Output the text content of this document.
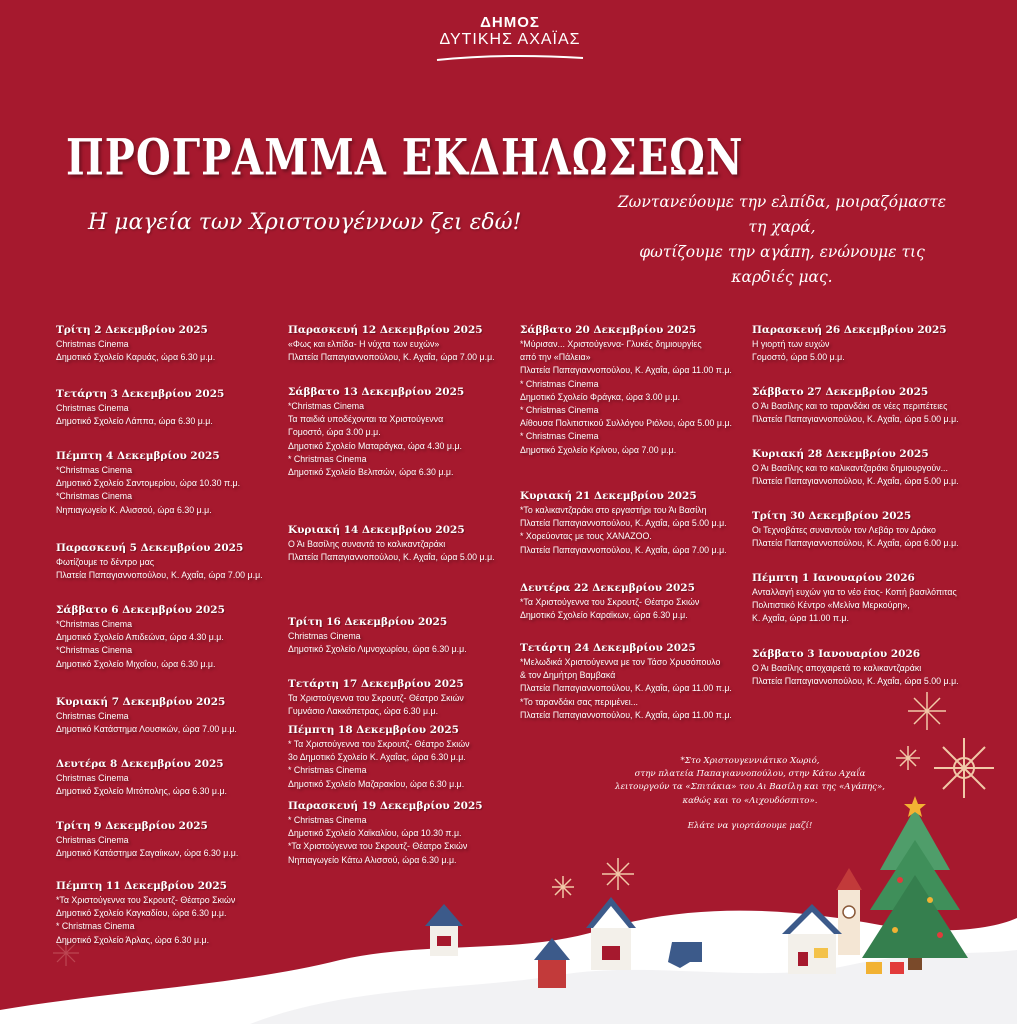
ΔΗΜΟΣ
ΔΥΤΙΚΗΣ ΑΧΑΪΑΣ
ΠΡΟΓΡΑΜΜΑ ΕΚΔΗΛΩΣΕΩΝ
Η μαγεία των Χριστουγέννων ζει εδώ!
Ζωντανεύουμε την ελπίδα, μοιραζόμαστε τη χαρά,
φωτίζουμε την αγάπη, ενώνουμε τις καρδιές μας.
Τρίτη 2 Δεκεμβρίου 2025
Christmas Cinema
Δημοτικό Σχολείο Καρυάς, ώρα 6.30 μ.μ.
Τετάρτη 3 Δεκεμβρίου 2025
Christmas Cinema
Δημοτικό Σχολείο Λάππα, ώρα 6.30 μ.μ.
Πέμπτη 4 Δεκεμβρίου 2025
*Christmas Cinema
Δημοτικό Σχολείο Σαντομερίου, ώρα 10.30 π.μ.
*Christmas Cinema
Νηπιαγωγείο Κ. Αλισσού, ώρα 6.30 μ.μ.
Παρασκευή 5 Δεκεμβρίου 2025
Φωτίζουμε το δέντρο μας
Πλατεία Παπαγιαννοπούλου, Κ. Αχαΐα, ώρα 7.00 μ.μ.
Σάββατο 6 Δεκεμβρίου 2025
*Christmas Cinema
Δημοτικό Σχολείο Απιδεώνα, ώρα 4.30 μ.μ.
*Christmas Cinema
Δημοτικό Σχολείο Μιχοΐου, ώρα 6.30 μ.μ.
Κυριακή 7 Δεκεμβρίου 2025
Christmas Cinema
Δημοτικό Κατάστημα Λουσικών, ώρα 7.00 μ.μ.
Δευτέρα 8 Δεκεμβρίου 2025
Christmas Cinema
Δημοτικό Σχολείο Μιτόπολης, ώρα 6.30 μ.μ.
Τρίτη 9 Δεκεμβρίου 2025
Christmas Cinema
Δημοτικό Κατάστημα Σαγαίικων, ώρα 6.30 μ.μ.
Πέμπτη 11 Δεκεμβρίου 2025
*Τα Χριστούγεννα του Σκρουτζ- Θέατρο Σκιών
Δημοτικό Σχολείο Καγκαδίου, ώρα 6.30 μ.μ.
* Christmas Cinema
Δημοτικό Σχολείο Άρλας, ώρα 6.30 μ.μ.
Παρασκευή 12 Δεκεμβρίου 2025
«Φως και ελπίδα- Η νύχτα των ευχών»
Πλατεία Παπαγιαννοπούλου, Κ. Αχαΐα, ώρα 7.00 μ.μ.
Σάββατο 13 Δεκεμβρίου 2025
*Christmas Cinema
Τα παιδιά υποδέχονται τα Χριστούγεννα
Γομοστό, ώρα 3.00 μ.μ.
Δημοτικό Σχολείο Ματαράγκα, ώρα 4.30 μ.μ.
* Christmas Cinema
Δημοτικό Σχολείο Βελιτσών, ώρα 6.30 μ.μ.
Κυριακή 14 Δεκεμβρίου 2025
Ο Άι Βασίλης συναντά το καλικαντζαράκι
Πλατεία Παπαγιαννοπούλου, Κ. Αχαΐα, ώρα 5.00 μ.μ.
Τρίτη 16 Δεκεμβρίου 2025
Christmas Cinema
Δημοτικό Σχολείο Λιμνοχωρίου, ώρα 6.30 μ.μ.
Τετάρτη 17 Δεκεμβρίου 2025
Τα Χριστούγεννα του Σκρουτζ- Θέατρο Σκιών
Γυμνάσιο Λακκόπετρας, ώρα 6.30 μ.μ.
Πέμπτη 18 Δεκεμβρίου 2025
* Τα Χριστούγεννα του Σκρουτζ- Θέατρο Σκιών
3ο Δημοτικό Σχολείο Κ. Αχαΐας, ώρα 6.30 μ.μ.
* Christmas Cinema
Δημοτικό Σχολείο Μαζαρακίου, ώρα 6.30 μ.μ.
Παρασκευή 19 Δεκεμβρίου 2025
* Christmas Cinema
Δημοτικό Σχολείο Χαϊκαλίου, ώρα 10.30 π.μ.
*Τα Χριστούγεννα του Σκρουτζ- Θέατρο Σκιών
Νηπιαγωγείο Κάτω Αλισσού, ώρα 6.30 μ.μ.
Σάββατο 20 Δεκεμβρίου 2025
*Μύρισαν... Χριστούγεννα- Γλυκές δημιουργίες
από την «Πάλεια»
Πλατεία Παπαγιαννοπούλου, Κ. Αχαΐα, ώρα 11.00 π.μ.
* Christmas Cinema
Δημοτικό Σχολείο Φράγκα, ώρα 3.00 μ.μ.
* Christmas Cinema
Αίθουσα Πολιτιστικού Συλλόγου Ριόλου, ώρα 5.00 μ.μ.
* Christmas Cinema
Δημοτικό Σχολείο Κρίνου, ώρα 7.00 μ.μ.
Κυριακή 21 Δεκεμβρίου 2025
*Το καλικαντζαράκι στο εργαστήρι του Άι Βασίλη
Πλατεία Παπαγιαννοπούλου, Κ. Αχαΐα, ώρα 5.00 μ.μ.
* Χορεύοντας με τους ΧΑΝΑΖΟΟ.
Πλατεία Παπαγιαννοπούλου, Κ. Αχαΐα, ώρα 7.00 μ.μ.
Δευτέρα 22 Δεκεμβρίου 2025
*Τα Χριστούγεννα του Σκρουτζ- Θέατρο Σκιών
Δημοτικό Σχολείο Καραϊκων, ώρα 6.30 μ.μ.
Τετάρτη 24 Δεκεμβρίου 2025
*Μελωδικά Χριστούγεννα με τον Τάσο Χρυσόπουλο
& τον Δημήτρη Βαμβακά
Πλατεία Παπαγιαννοπούλου, Κ. Αχαΐα, ώρα 11.00 π.μ.
*Το ταρανδάκι σας περιμένει...
Πλατεία Παπαγιαννοπούλου, Κ. Αχαΐα, ώρα 11.00 π.μ.
Παρασκευή 26 Δεκεμβρίου 2025
Η γιορτή των ευχών
Γομοστό, ώρα 5.00 μ.μ.
Σάββατο 27 Δεκεμβρίου 2025
Ο Άι Βασίλης και το ταρανδάκι σε νέες περιπέτειες
Πλατεία Παπαγιαννοπούλου, Κ. Αχαΐα, ώρα 5.00 μ.μ.
Κυριακή 28 Δεκεμβρίου 2025
Ο Άι Βασίλης και το καλικαντζαράκι δημιουργούν...
Πλατεία Παπαγιαννοπούλου, Κ. Αχαΐα, ώρα 5.00 μ.μ.
Τρίτη 30 Δεκεμβρίου 2025
Οι Τεχνοβάτες συναντούν τον Λεβάρ τον Δράκο
Πλατεία Παπαγιαννοπούλου, Κ. Αχαΐα, ώρα 6.00 μ.μ.
Πέμπτη 1 Ιανουαρίου 2026
Ανταλλαγή ευχών για το νέο έτος- Κοπή βασιλόπιτας
Πολιτιστικό Κέντρο «Μελίνα Μερκούρη»,
Κ. Αχαΐα, ώρα 11.00 π.μ.
Σάββατο 3 Ιανουαρίου 2026
Ο Άι Βασίλης αποχαιρετά το καλικαντζαράκι
Πλατεία Παπαγιαννοπούλου, Κ. Αχαΐα, ώρα 5.00 μ.μ.
*Στο Χριστουγεννιάτικο Χωριό,
στην πλατεία Παπαγιαννοπούλου, στην Κάτω Αχαΐα
λειτουργούν τα «Σπιτάκια» του Αι Βασίλη και της «Αγάπης»,
καθώς και το «Λιχουδόσπιτο».
Ελάτε να γιορτάσουμε μαζί!
